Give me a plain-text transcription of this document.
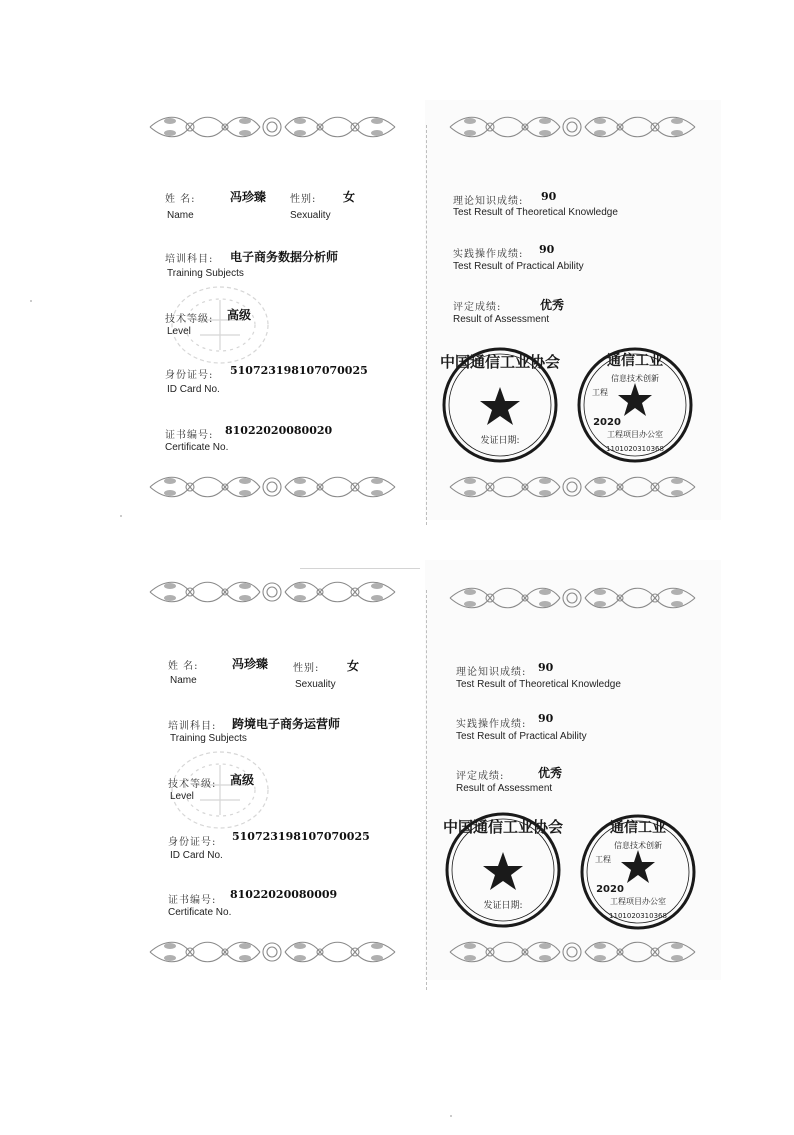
姓 名:
Name
冯珍臻 性别:
Sexuality
女
培训科目:
Training Subjects
电子商务数据分析师
技术等级:
Level
高级
身份证号:
ID Card No.
510723198107070025
证书编号:
Certificate No.
81022020080020
理论知识成绩: 90
Test Result of Theoretical Knowledge
实践操作成绩: 90
Test Result of Practical Ability
评定成绩:	优秀
Result of Assessment
中国通信工业协会
发证日期:
通信工业
信息技术创新
工程
2020
工程项目办公室
1101020310368
姓 名:
Name
冯珍臻 性别:
Sexuality
女
培训科目:
Training Subjects
跨境电子商务运营师
技术等级:
Level
高级
身份证号:
ID Card No.
510723198107070025
证书编号:
Certificate No.
81022020080009
理论知识成绩: 90
Test Result of Theoretical Knowledge
实践操作成绩: 90
Test Result of Practical Ability
评定成绩:	优秀
Result of Assessment
中国通信工业协会
发证日期:
通信工业
信息技术创新
工程
2020
工程项目办公室
1101020310368
